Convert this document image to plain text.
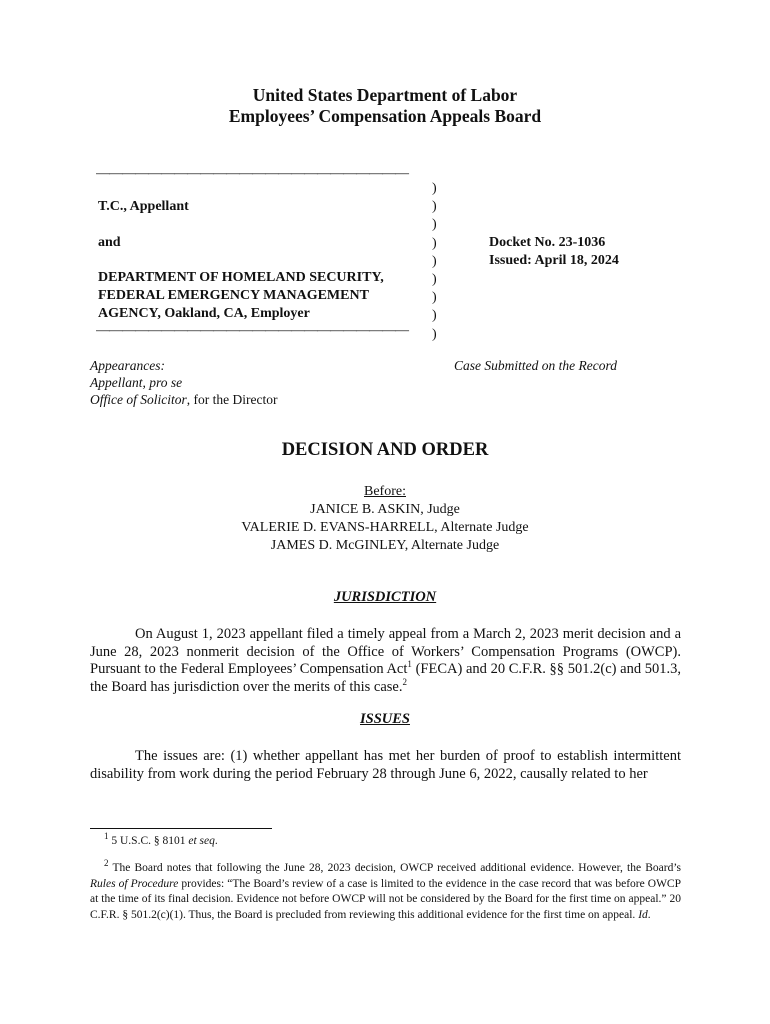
United States Department of Labor
Employees’ Compensation Appeals Board
————————————————————————
T.C., Appellant
and
DEPARTMENT OF HOMELAND SECURITY,
FEDERAL EMERGENCY MANAGEMENT
AGENCY, Oakland, CA, Employer
————————————————————————
)
)
)
)
)
)
)
)
)
Docket No. 23-1036
Issued: April 18, 2024
Appearances:
Appellant, pro se
Office of Solicitor, for the Director
Case Submitted on the Record
DECISION AND ORDER
Before:
JANICE B. ASKIN, Judge
VALERIE D. EVANS-HARRELL, Alternate Judge
JAMES D. McGINLEY, Alternate Judge
JURISDICTION

On August 1, 2023 appellant filed a timely appeal from a March 2, 2023 merit decision and a June 28, 2023 nonmerit decision of the Office of Workers’ Compensation Programs (OWCP). Pursuant to the Federal Employees’ Compensation Act$^1$ (FECA) and 20 C.F.R. §§ 501.2(c) and 501.3, the Board has jurisdiction over the merits of this case.$^2$

ISSUES

The issues are: (1) whether appellant has met her burden of proof to establish intermittent disability from work during the period February 28 through June 6, 2022, causally related to her

$^1$ 5 U.S.C. § 8101 et seq.

$^2$ The Board notes that following the June 28, 2023 decision, OWCP received additional evidence. However, the Board’s Rules of Procedure provides: “The Board’s review of a case is limited to the evidence in the case record that was before OWCP at the time of its final decision. Evidence not before OWCP will not be considered by the Board for the first time on appeal.” 20 C.F.R. § 501.2(c)(1). Thus, the Board is precluded from reviewing this additional evidence for the first time on appeal. Id.
